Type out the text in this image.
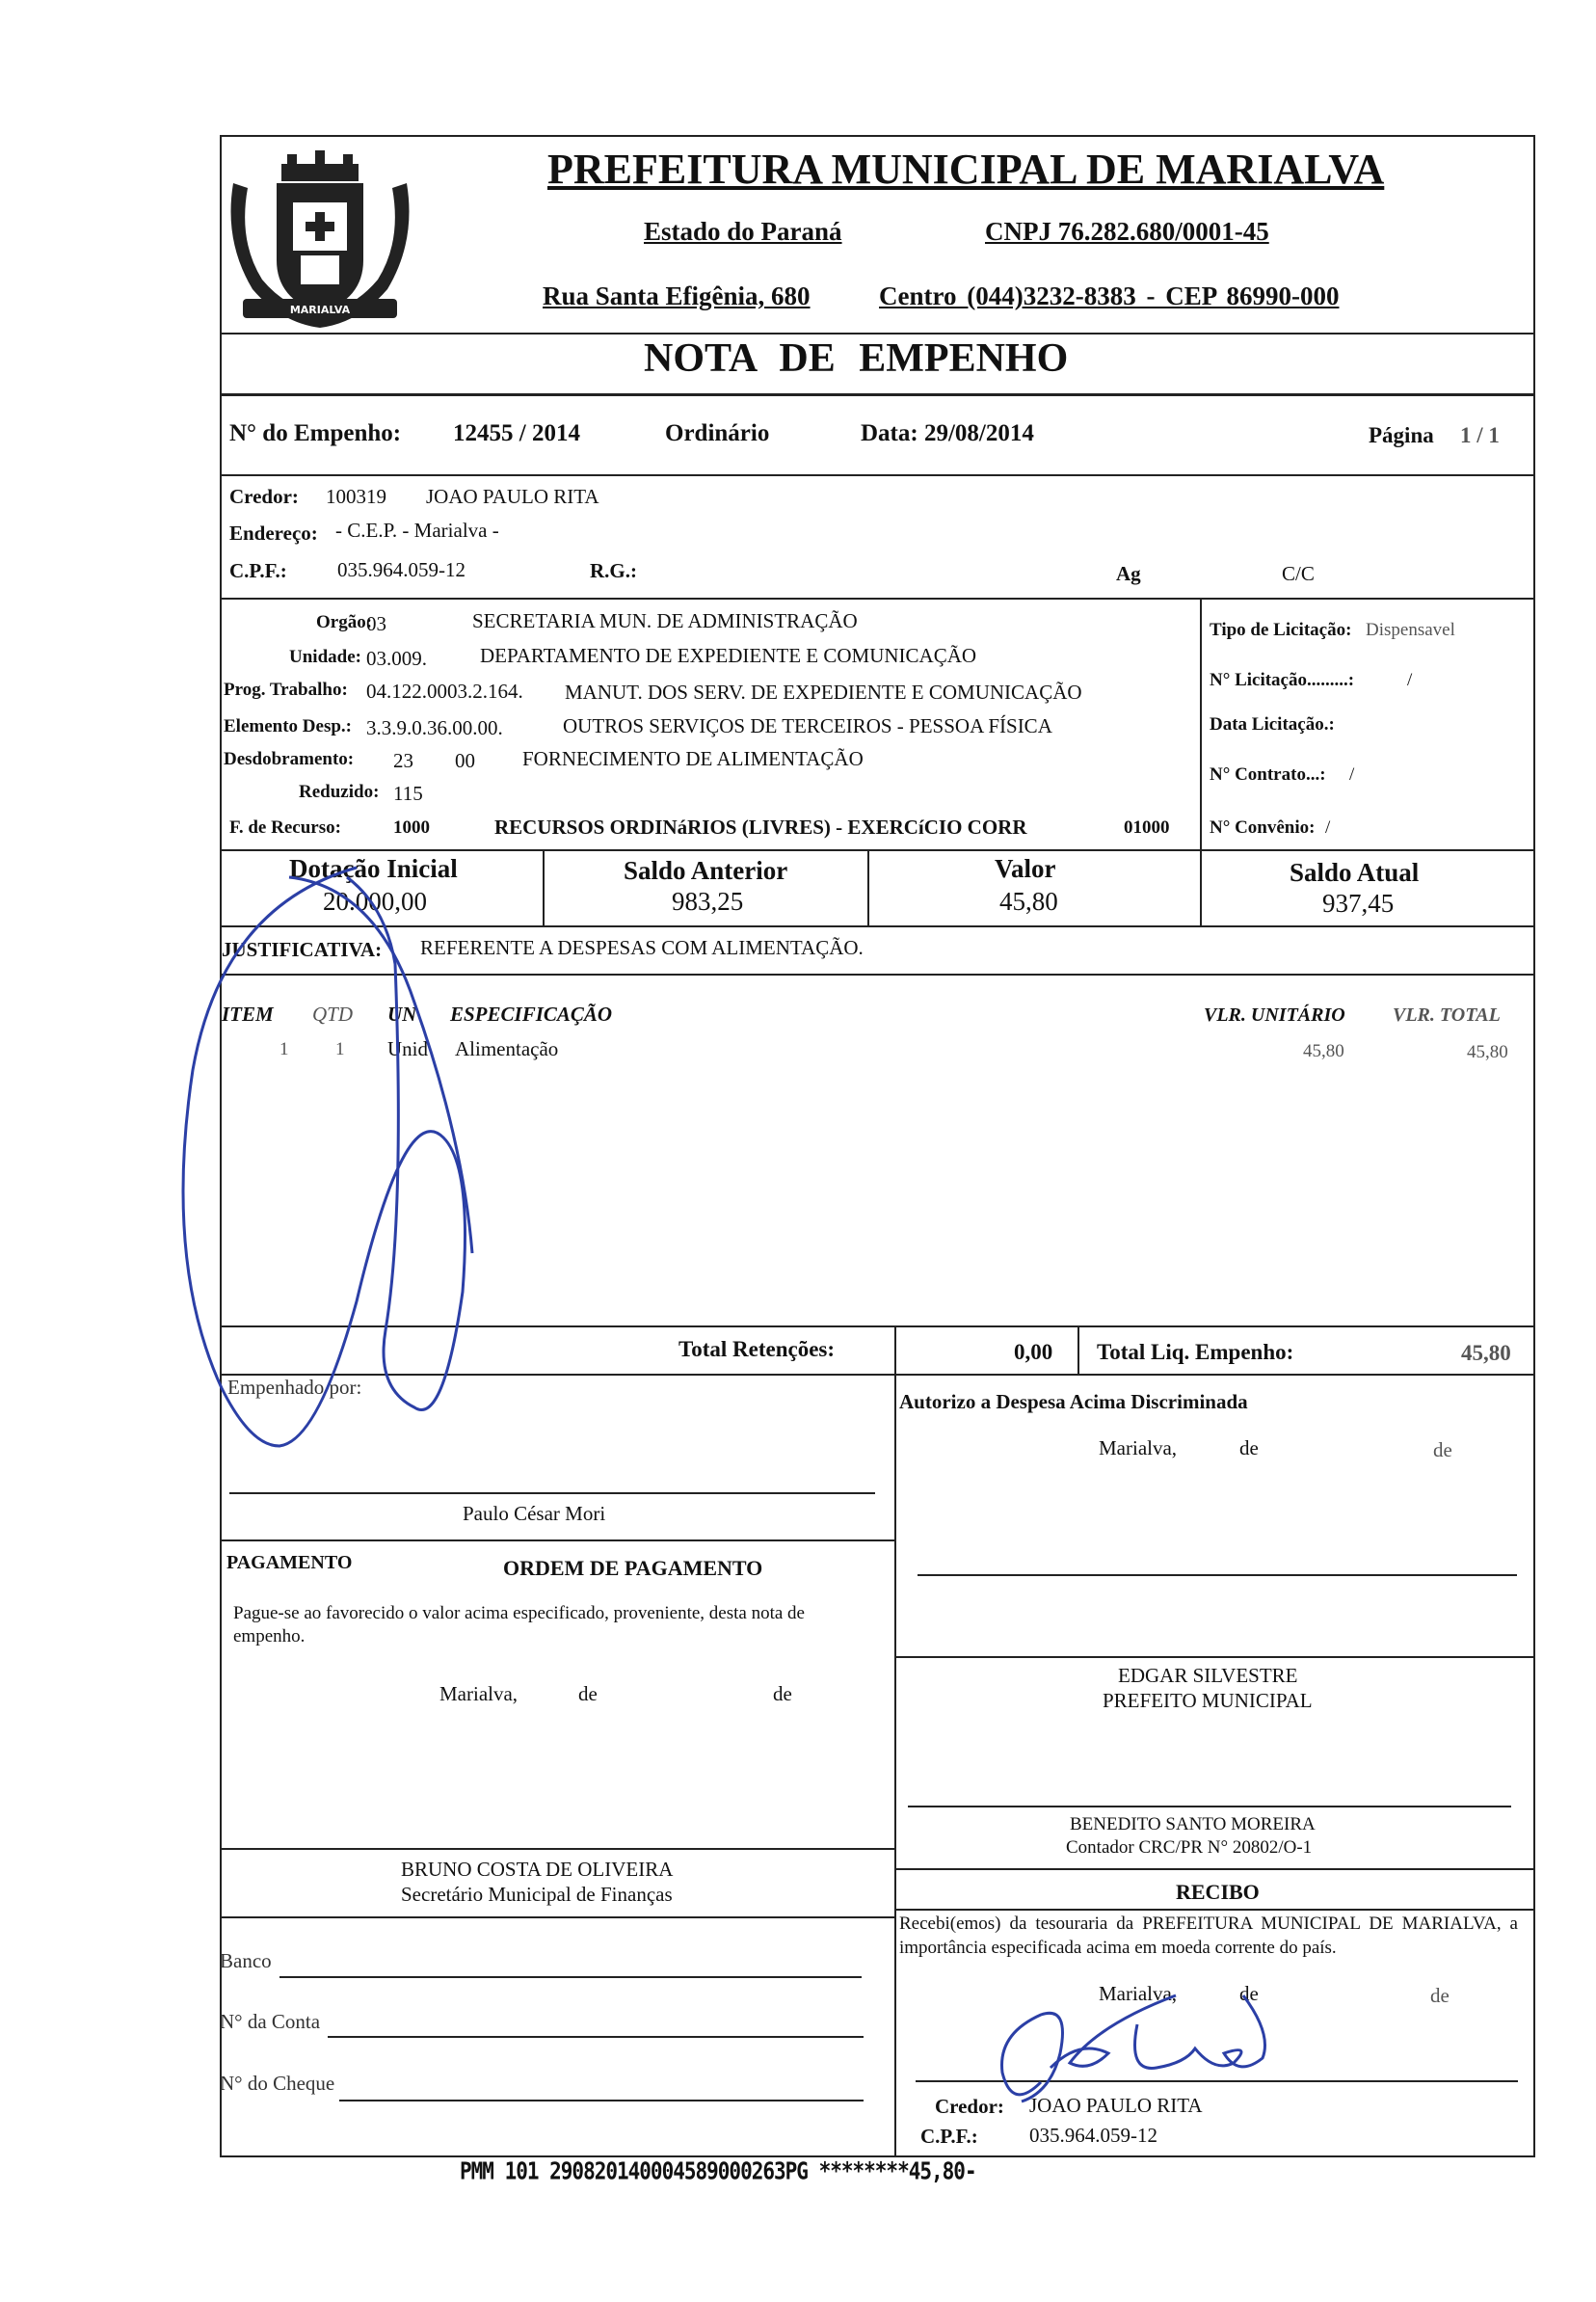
MARIALVA
PREFEITURA MUNICIPAL DE MARIALVA
Estado do Paraná	CNPJ 76.282.680/0001-45
Rua Santa Efigênia, 680	Centro (044)3232-8383 - CEP 86990-000
NOTA DE EMPENHO
N° do Empenho: 12455 / 2014	Ordinário	Data: 29/08/2014	Página 1 / 1
Credor: 100319 JOAO PAULO RITA
Endereço: - C.E.P. - Marialva -
C.P.F.: 035.964.059-12	R.G.:	Ag	C/C
Orgão:
03	SECRETARIA MUN. DE ADMINISTRAÇÃO
Unidade: 03.009.	DEPARTAMENTO DE EXPEDIENTE E COMUNICAÇÃO
Prog. Trabalho: 04.122.0003.2.164. MANUT. DOS SERV. DE EXPEDIENTE E COMUNICAÇÃO
Elemento Desp.: 3.3.9.0.36.00.00.	OUTROS SERVIÇOS DE TERCEIROS - PESSOA FÍSICA
Desdobramento: 23 00 FORNECIMENTO DE ALIMENTAÇÃO
Reduzido: 115
F. de Recurso:	1000	RECURSOS ORDINáRIOS (LIVRES) - EXERCíCIO CORR	01000
Tipo de Licitação: Dispensavel
N° Licitação.........:	/
Data Licitação.:
N° Contrato...: /
N° Convênio: /
Dotação Inicial
20.000,00
Saldo Anterior
983,25
Valor
45,80
Saldo Atual
937,45
JUSTIFICATIVA: REFERENTE A DESPESAS COM ALIMENTAÇÃO.
ITEM QTD UN ESPECIFICAÇÃO	VLR. UNITÁRIO VLR. TOTAL
1	1 Unid Alimentação	45,80	45,80
Total Retenções:	0,00 Total Liq. Empenho:	45,80
Empenhado por:
Paulo César Mori
Autorizo a Despesa Acima Discriminada
Marialva,	de	de
PAGAMENTO	ORDEM DE PAGAMENTO
Pague-se ao favorecido o valor acima especificado, proveniente, desta nota de empenho.
Marialva,	de	de
EDGAR SILVESTRE
PREFEITO MUNICIPAL
BENEDITO SANTO MOREIRA
Contador CRC/PR N° 20802/O-1
BRUNO COSTA DE OLIVEIRA
Secretário Municipal de Finanças
Banco
N° da Conta
N° do Cheque
RECIBO
Recebi(emos) da tesouraria da PREFEITURA MUNICIPAL DE MARIALVA, a importância especificada acima em moeda corrente do país.
Marialva,	de	de
Credor: JOAO PAULO RITA
C.P.F.:	035.964.059-12
PMM 101 290820140004589000263PG ********45,80-
